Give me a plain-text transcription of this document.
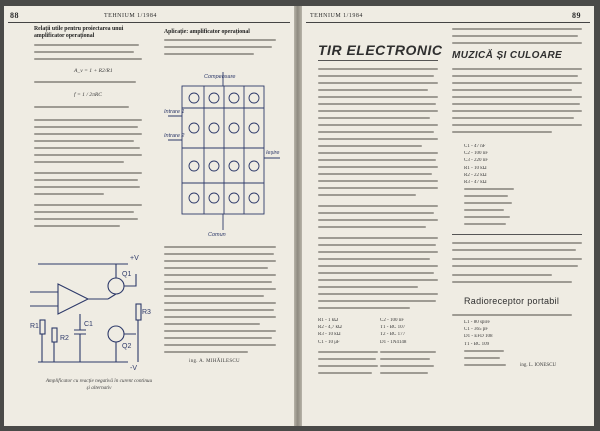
88	TEHNIUM 1/1984
Relații utile pentru proiectarea unui amplificator operațional
A_v = 1 + R2/R1
f = 1 / 2πRC
+V
-V
Q1
Q2
R1
R2
C1
R3
Amplificator cu reacție negativă în curent continuu și alternativ
Aplicație: amplificator operațional
Compensare
Intrare 1
Intrare 2
Ieșire
Comun
ing. A. MIHĂILESCU
89
TEHNIUM 1/1984
TIR ELECTRONIC
R1 - 1 kΩ
R2 - 4,7 kΩ
R3 - 10 kΩ
C1 - 10 μF
C2 - 100 nF
T1 - BC 107
T2 - BC 177
D1 - 1N4148
MUZICĂ ȘI CULOARE
C1 - 47 nF
C2 - 100 nF
C3 - 220 nF
R1 - 10 kΩ
R2 - 22 kΩ
R3 - 47 kΩ
Radioreceptor portabil
L1 - 80 spire
C1 - 365 pF
D1 - EFD 108
T1 - BC 109
ing. L. IONESCU
